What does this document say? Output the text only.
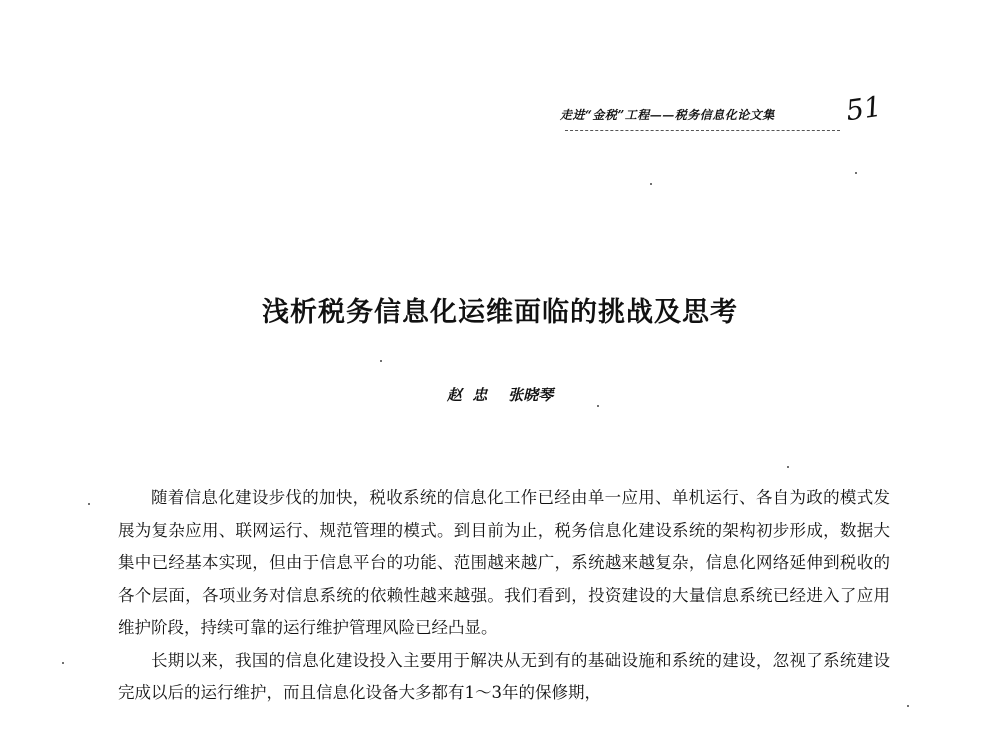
走进“金税”工程——税务信息化论文集	51
浅析税务信息化运维面临的挑战及思考
赵  忠    张晓琴

随着信息化建设步伐的加快，税收系统的信息化工作已经由单一应用、单机运行、各自为政的模式发展为复杂应用、联网运行、规范管理的模式。到目前为止，税务信息化建设系统的架构初步形成，数据大集中已经基本实现，但由于信息平台的功能、范围越来越广，系统越来越复杂，信息化网络延伸到税收的各个层面，各项业务对信息系统的依赖性越来越强。我们看到，投资建设的大量信息系统已经进入了应用维护阶段，持续可靠的运行维护管理风险已经凸显。

长期以来，我国的信息化建设投入主要用于解决从无到有的基础设施和系统的建设，忽视了系统建设完成以后的运行维护，而且信息化设备大多都有1～3年的保修期，
